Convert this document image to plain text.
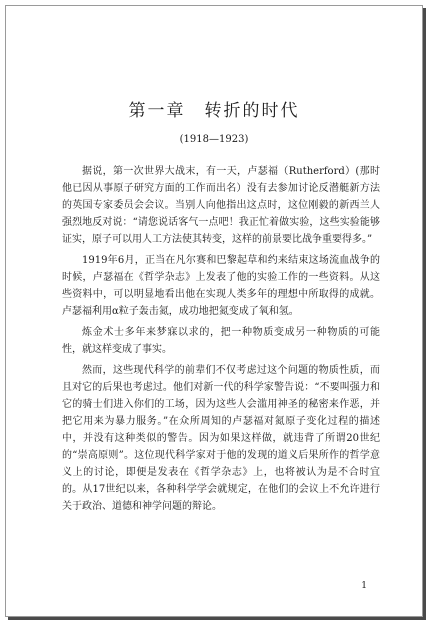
第一章　转折的时代
(1918—1923)

据说，第一次世界大战末，有一天，卢瑟福（Rutherford）(那时他已因从事原子研究方面的工作而出名）没有去参加讨论反潜艇新方法的英国专家委员会会议。当别人向他指出这点时，这位刚毅的新西兰人强烈地反对说：“请您说话客气一点吧！我正忙着做实验，这些实验能够证实，原子可以用人工方法使其转变，这样的前景要比战争重要得多。”

1919年6月，正当在凡尔赛和巴黎起草和约来结束这场流血战争的时候，卢瑟福在《哲学杂志》上发表了他的实验工作的一些资料。从这些资料中，可以明显地看出他在实现人类多年的理想中所取得的成就。卢瑟福利用α粒子轰击氮，成功地把氮变成了氧和氢。

炼金术士多年来梦寐以求的，把一种物质变成另一种物质的可能性，就这样变成了事实。

然而，这些现代科学的前辈们不仅考虑过这个问题的物质性质，而且对它的后果也考虑过。他们对新一代的科学家警告说：“不要叫强力和它的骑士们进入你们的工场，因为这些人会滥用神圣的秘密来作恶，并把它用来为暴力服务。”在众所周知的卢瑟福对氮原子变化过程的描述中，并没有这种类似的警告。因为如果这样做，就违背了所谓20世纪的“崇高原则”。这位现代科学家对于他的发现的道义后果所作的哲学意义上的讨论，即便是发表在《哲学杂志》上，也将被认为是不合时宜的。从17世纪以来，各种科学学会就规定，在他们的会议上不允许进行关于政治、道德和神学问题的辩论。

1
